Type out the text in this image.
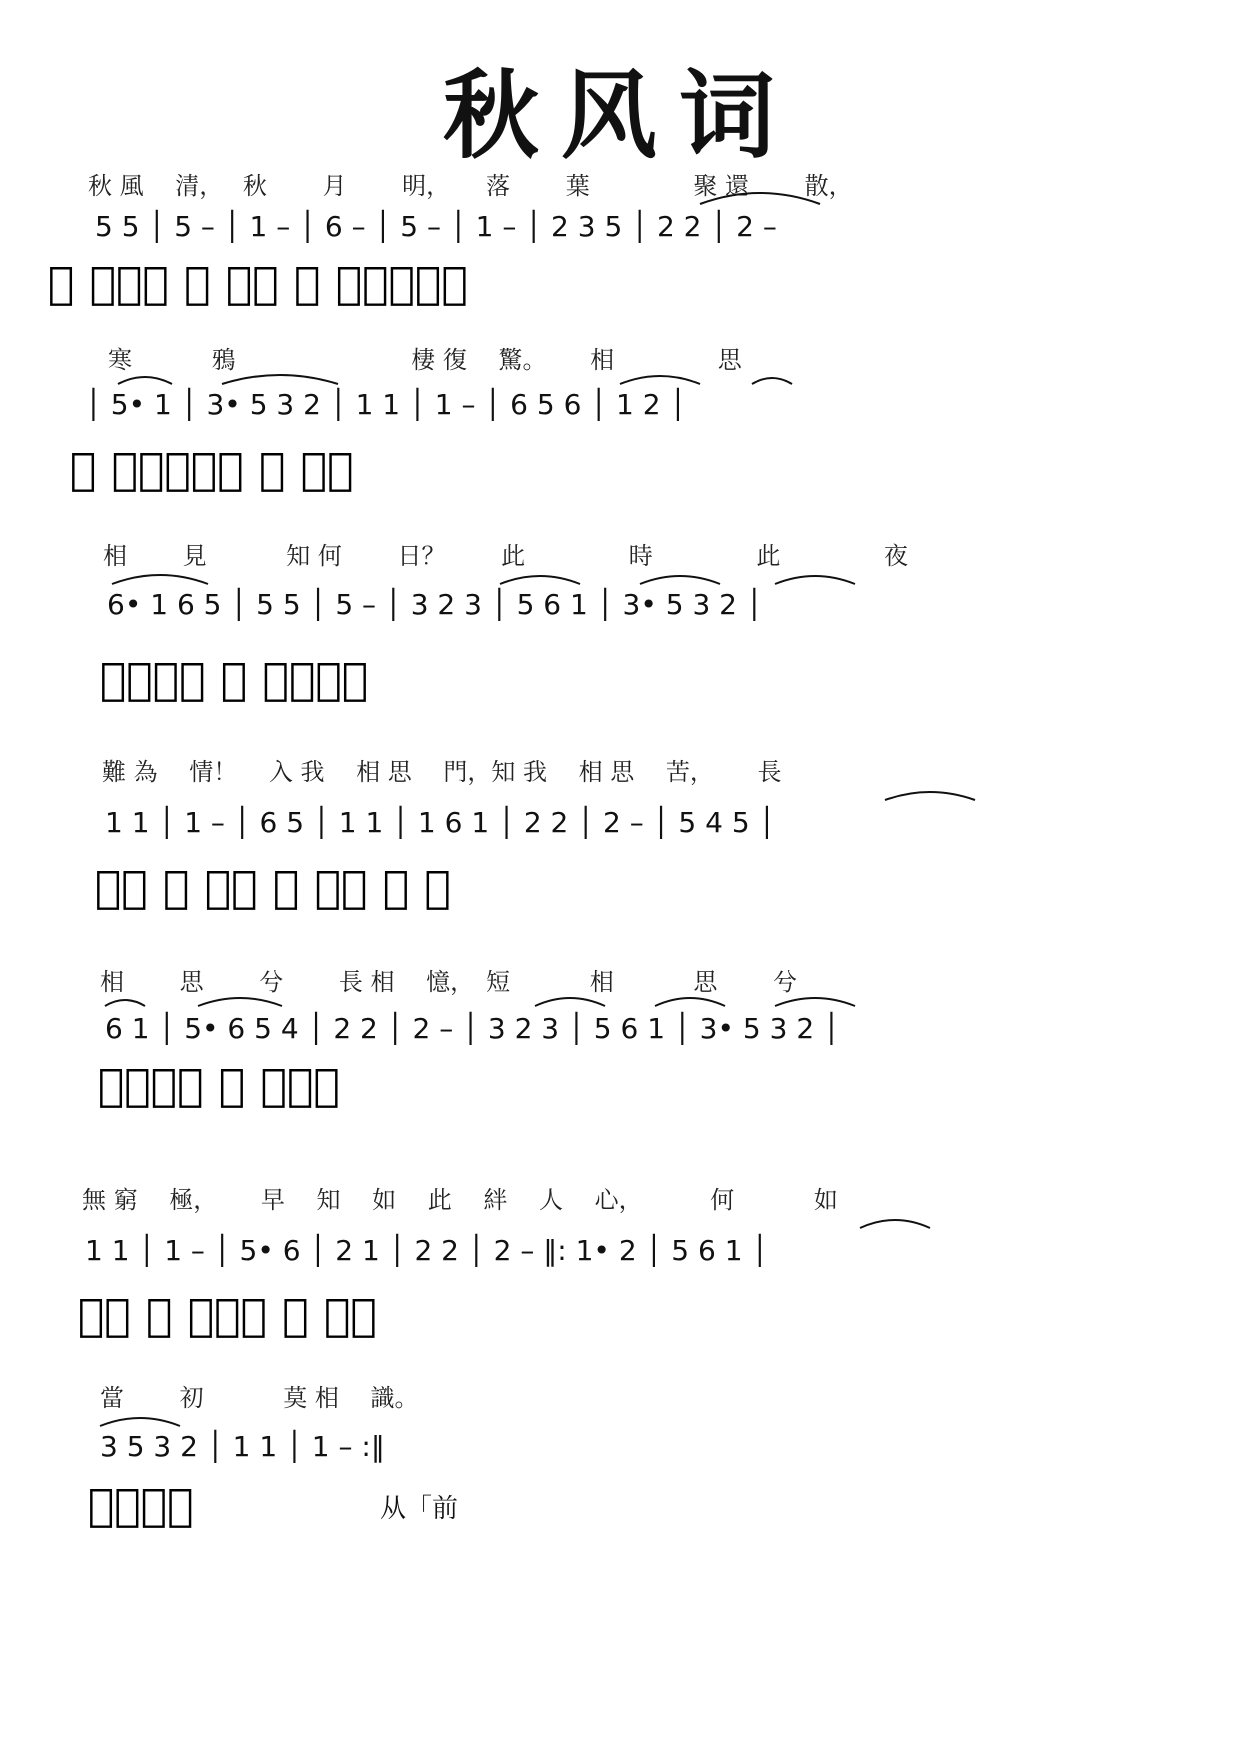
秋风词
秋 風　 清，　 秋　　 月　　 明，　　落　　 葉　　　　 聚 還　　 散，
5 5 │ 5 – │ 1 – │ 6 – │ 5 – │ 1 – │ 2 3 5 │ 2 2 │ 2 –
① 𫝀𫝀𫝀 ② 𫝀𫝀 ③ 𫝀𫝀𫝀𫝀𫝀
寒　　　 鴉　　　　　　　 棲 復　 驚。　　 相　　　　 思
│ 5• 1 │ 3• 5 3 2 │ 1 1 │ 1 – │ 6 5 6 │ 1 2 │
④ 𫝀𫝀𫝀𫝀𫝀 ⑤ 𫝀𫝀
相　　 見　　　 知 何　　 日？　　 此　　　　 時　　　　 此　　　　 夜
6• 1 6 5 │ 5 5 │ 5 – │ 3 2 3 │ 5 6 1 │ 3• 5 3 2 │
𫝀𫝀𫝀𫝀 ⑥ 𫝀𫝀𫝀𫝀
難 為　 情！　 入 我　 相 思　 門，知 我　 相 思　 苦，　　 長
1 1 │ 1 – │ 6 5 │ 1 1 │ 1 6 1 │ 2 2 │ 2 – │ 5 4 5 │
𫝀𫝀 ⑦ 𫝀𫝀 ⑧ 𫝀𫝀 ⑨ 𫝀
相　　 思　　 兮　　 長 相　 憶，　短　　　 相　　　 思　　 兮
6 1 │ 5• 6 5 4 │ 2 2 │ 2 – │ 3 2 3 │ 5 6 1 │ 3• 5 3 2 │
𫝀𫝀𫝀𫝀 ⑩ 𫝀𫝀𫝀
無 窮　 極，　　 早　 知　 如　 此　 絆　 人　 心，　　　 何　　　 如
1 1 │ 1 – │ 5• 6 │ 2 1 │ 2 2 │ 2 – ‖: 1• 2 │ 5 6 1 │
𫝀𫝀 ⑪ 𫝀𫝀𫝀 ⑫ 𫝀𫝀
當　　 初　　　 莫 相　 識。
3 5 3 2 │ 1 1 │ 1 – :‖
𫝀𫝀𫝀𫝀	从「前
